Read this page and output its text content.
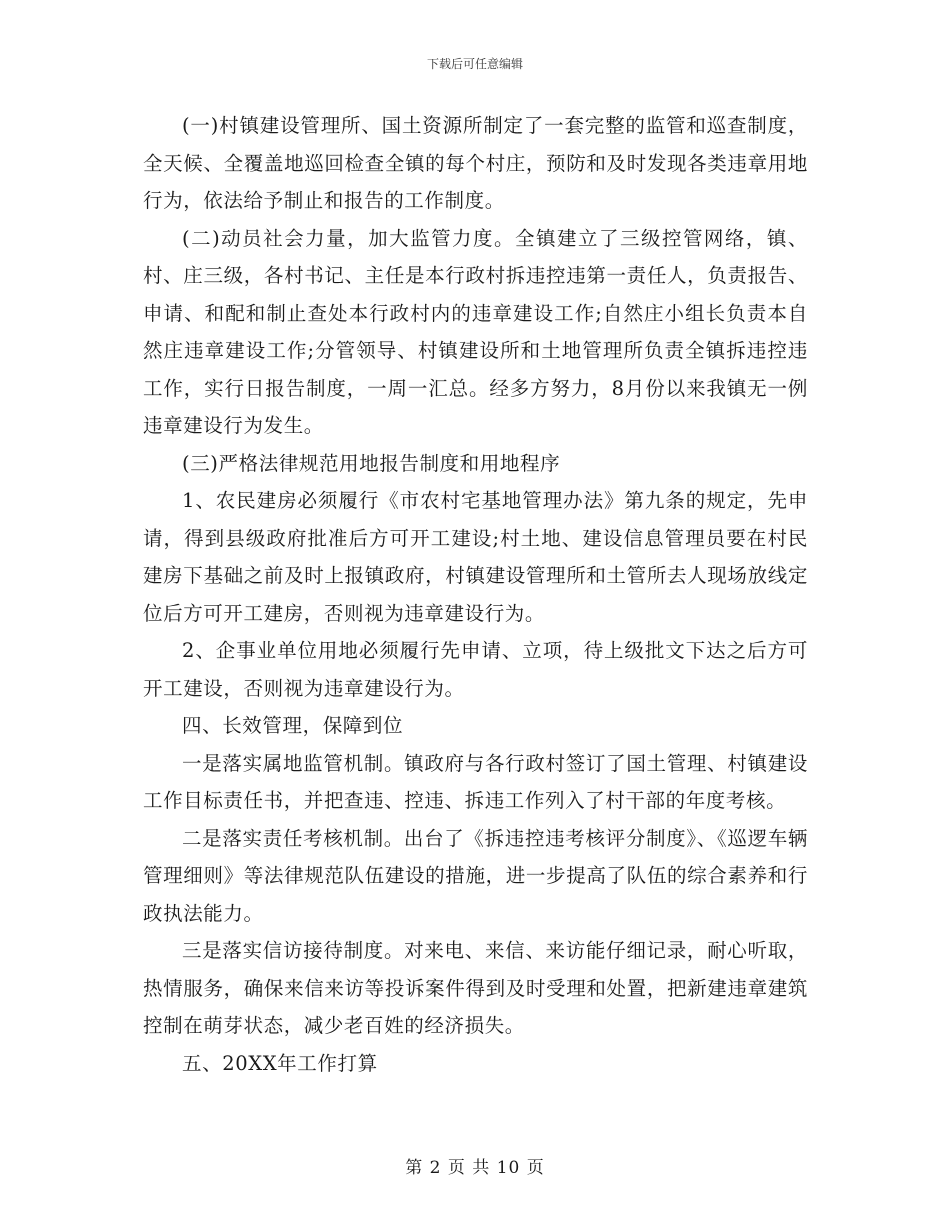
下载后可任意编辑

(一)村镇建设管理所、国土资源所制定了一套完整的监管和巡查制度，全天候、全覆盖地巡回检查全镇的每个村庄，预防和及时发现各类违章用地行为，依法给予制止和报告的工作制度。

(二)动员社会力量，加大监管力度。全镇建立了三级控管网络，镇、村、庄三级，各村书记、主任是本行政村拆违控违第一责任人，负责报告、申请、和配和制止查处本行政村内的违章建设工作;自然庄小组长负责本自然庄违章建设工作;分管领导、村镇建设所和土地管理所负责全镇拆违控违工作，实行日报告制度，一周一汇总。经多方努力，8月份以来我镇无一例违章建设行为发生。

(三)严格法律规范用地报告制度和用地程序

1、农民建房必须履行《市农村宅基地管理办法》第九条的规定，先申请，得到县级政府批准后方可开工建设;村土地、建设信息管理员要在村民建房下基础之前及时上报镇政府，村镇建设管理所和土管所去人现场放线定位后方可开工建房，否则视为违章建设行为。

2、企事业单位用地必须履行先申请、立项，待上级批文下达之后方可开工建设，否则视为违章建设行为。

四、长效管理，保障到位

一是落实属地监管机制。镇政府与各行政村签订了国土管理、村镇建设工作目标责任书，并把查违、控违、拆违工作列入了村干部的年度考核。

二是落实责任考核机制。出台了《拆违控违考核评分制度》、《巡逻车辆管理细则》等法律规范队伍建设的措施，进一步提高了队伍的综合素养和行政执法能力。

三是落实信访接待制度。对来电、来信、来访能仔细记录，耐心听取，热情服务，确保来信来访等投诉案件得到及时受理和处置，把新建违章建筑控制在萌芽状态，减少老百姓的经济损失。

五、20XX年工作打算

第 2 页 共 10 页
